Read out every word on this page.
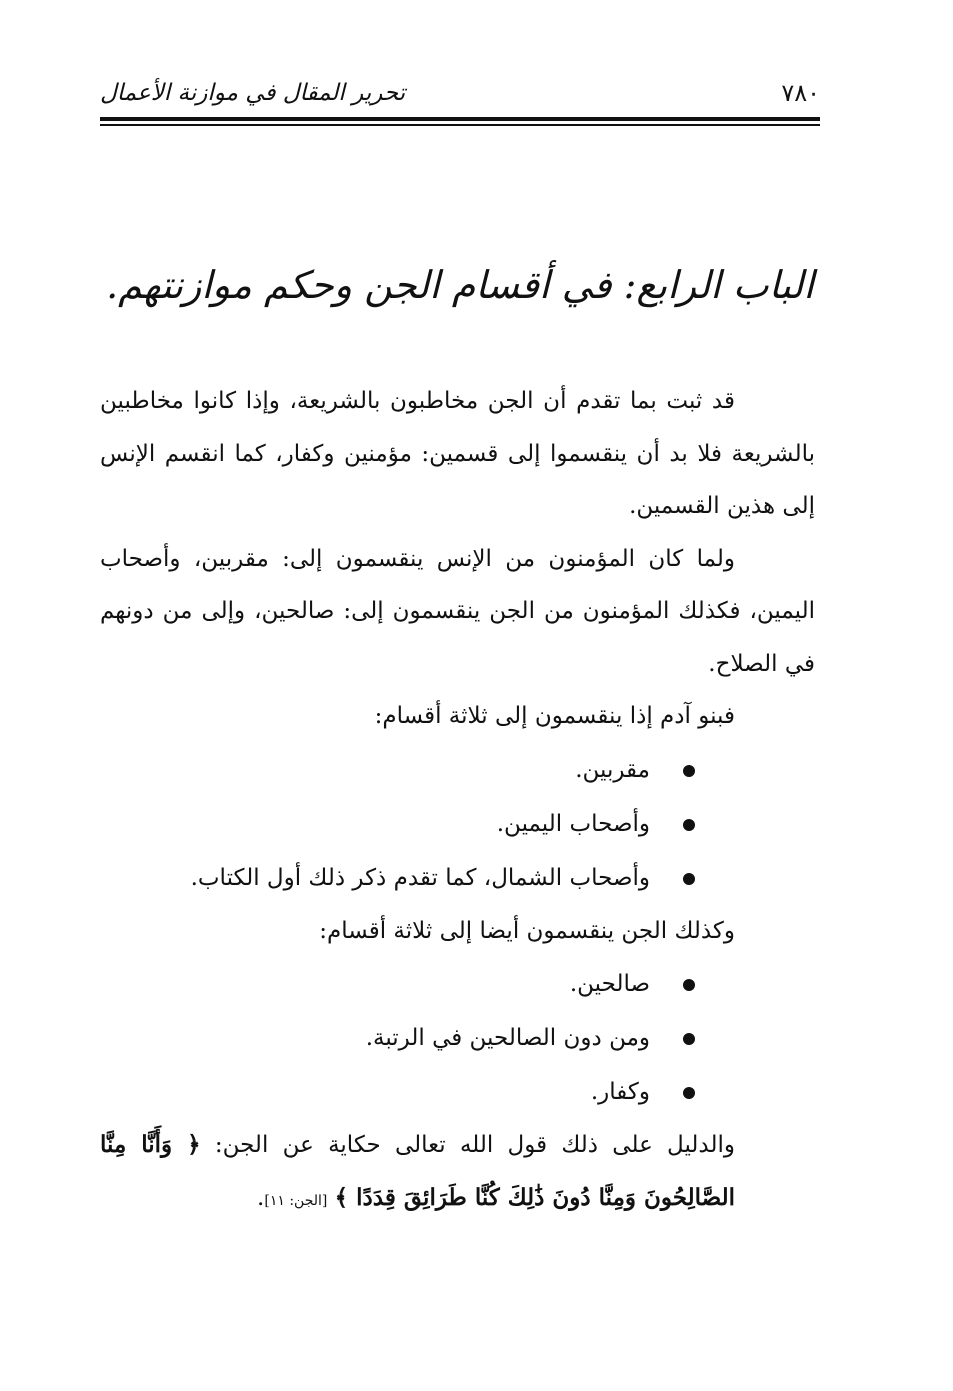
٧٨٠
تحرير المقال في موازنة الأعمال
الباب الرابع: في أقسام الجن وحكم موازنتهم.

قد ثبت بما تقدم أن الجن مخاطبون بالشريعة، وإذا كانوا مخاطبين بالشريعة فلا بد أن ينقسموا إلى قسمين: مؤمنين وكفار، كما انقسم الإنس إلى هذين القسمين.

ولما كان المؤمنون من الإنس ينقسمون إلى: مقربين، وأصحاب اليمين، فكذلك المؤمنون من الجن ينقسمون إلى: صالحين، وإلى من دونهم في الصلاح.

فبنو آدم إذا ينقسمون إلى ثلاثة أقسام:

مقربين.
وأصحاب اليمين.
وأصحاب الشمال، كما تقدم ذكر ذلك أول الكتاب.

وكذلك الجن ينقسمون أيضا إلى ثلاثة أقسام:

صالحين.
ومن دون الصالحين في الرتبة.
وكفار.

والدليل على ذلك قول الله تعالى حكاية عن الجن: ﴿ وَأَنَّا مِنَّا الصَّالِحُونَ وَمِنَّا دُونَ ذَٰلِكَ كُنَّا طَرَائِقَ قِدَدًا ﴾ [الجن: ١١].
